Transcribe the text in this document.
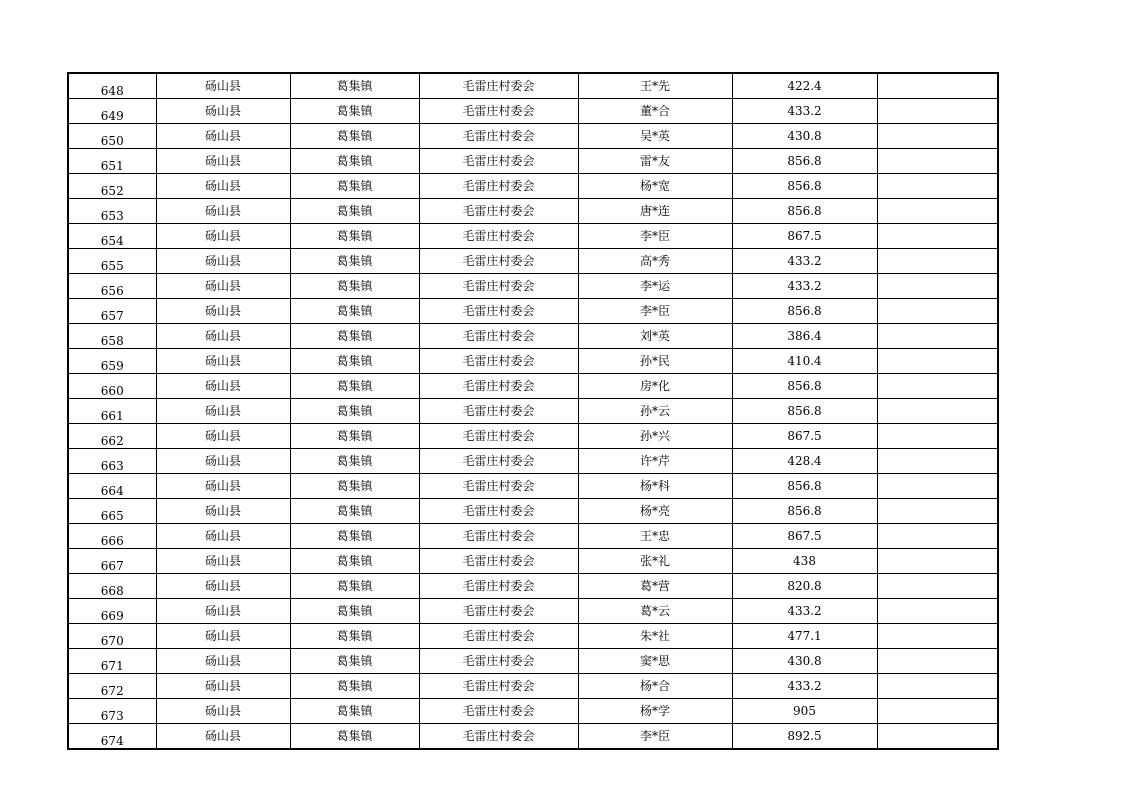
648	砀山县	葛集镇	毛雷庄村委会	王*先	422.4	
649	砀山县	葛集镇	毛雷庄村委会	董*合	433.2	
650	砀山县	葛集镇	毛雷庄村委会	吴*英	430.8	
651	砀山县	葛集镇	毛雷庄村委会	雷*友	856.8	
652	砀山县	葛集镇	毛雷庄村委会	杨*宽	856.8	
653	砀山县	葛集镇	毛雷庄村委会	唐*连	856.8	
654	砀山县	葛集镇	毛雷庄村委会	李*臣	867.5	
655	砀山县	葛集镇	毛雷庄村委会	高*秀	433.2	
656	砀山县	葛集镇	毛雷庄村委会	李*运	433.2	
657	砀山县	葛集镇	毛雷庄村委会	李*臣	856.8	
658	砀山县	葛集镇	毛雷庄村委会	刘*英	386.4	
659	砀山县	葛集镇	毛雷庄村委会	孙*民	410.4	
660	砀山县	葛集镇	毛雷庄村委会	房*化	856.8	
661	砀山县	葛集镇	毛雷庄村委会	孙*云	856.8	
662	砀山县	葛集镇	毛雷庄村委会	孙*兴	867.5	
663	砀山县	葛集镇	毛雷庄村委会	许*芹	428.4	
664	砀山县	葛集镇	毛雷庄村委会	杨*科	856.8	
665	砀山县	葛集镇	毛雷庄村委会	杨*亮	856.8	
666	砀山县	葛集镇	毛雷庄村委会	王*忠	867.5	
667	砀山县	葛集镇	毛雷庄村委会	张*礼	438	
668	砀山县	葛集镇	毛雷庄村委会	葛*营	820.8	
669	砀山县	葛集镇	毛雷庄村委会	葛*云	433.2	
670	砀山县	葛集镇	毛雷庄村委会	朱*社	477.1	
671	砀山县	葛集镇	毛雷庄村委会	窦*思	430.8	
672	砀山县	葛集镇	毛雷庄村委会	杨*合	433.2	
673	砀山县	葛集镇	毛雷庄村委会	杨*学	905	
674	砀山县	葛集镇	毛雷庄村委会	李*臣	892.5	
